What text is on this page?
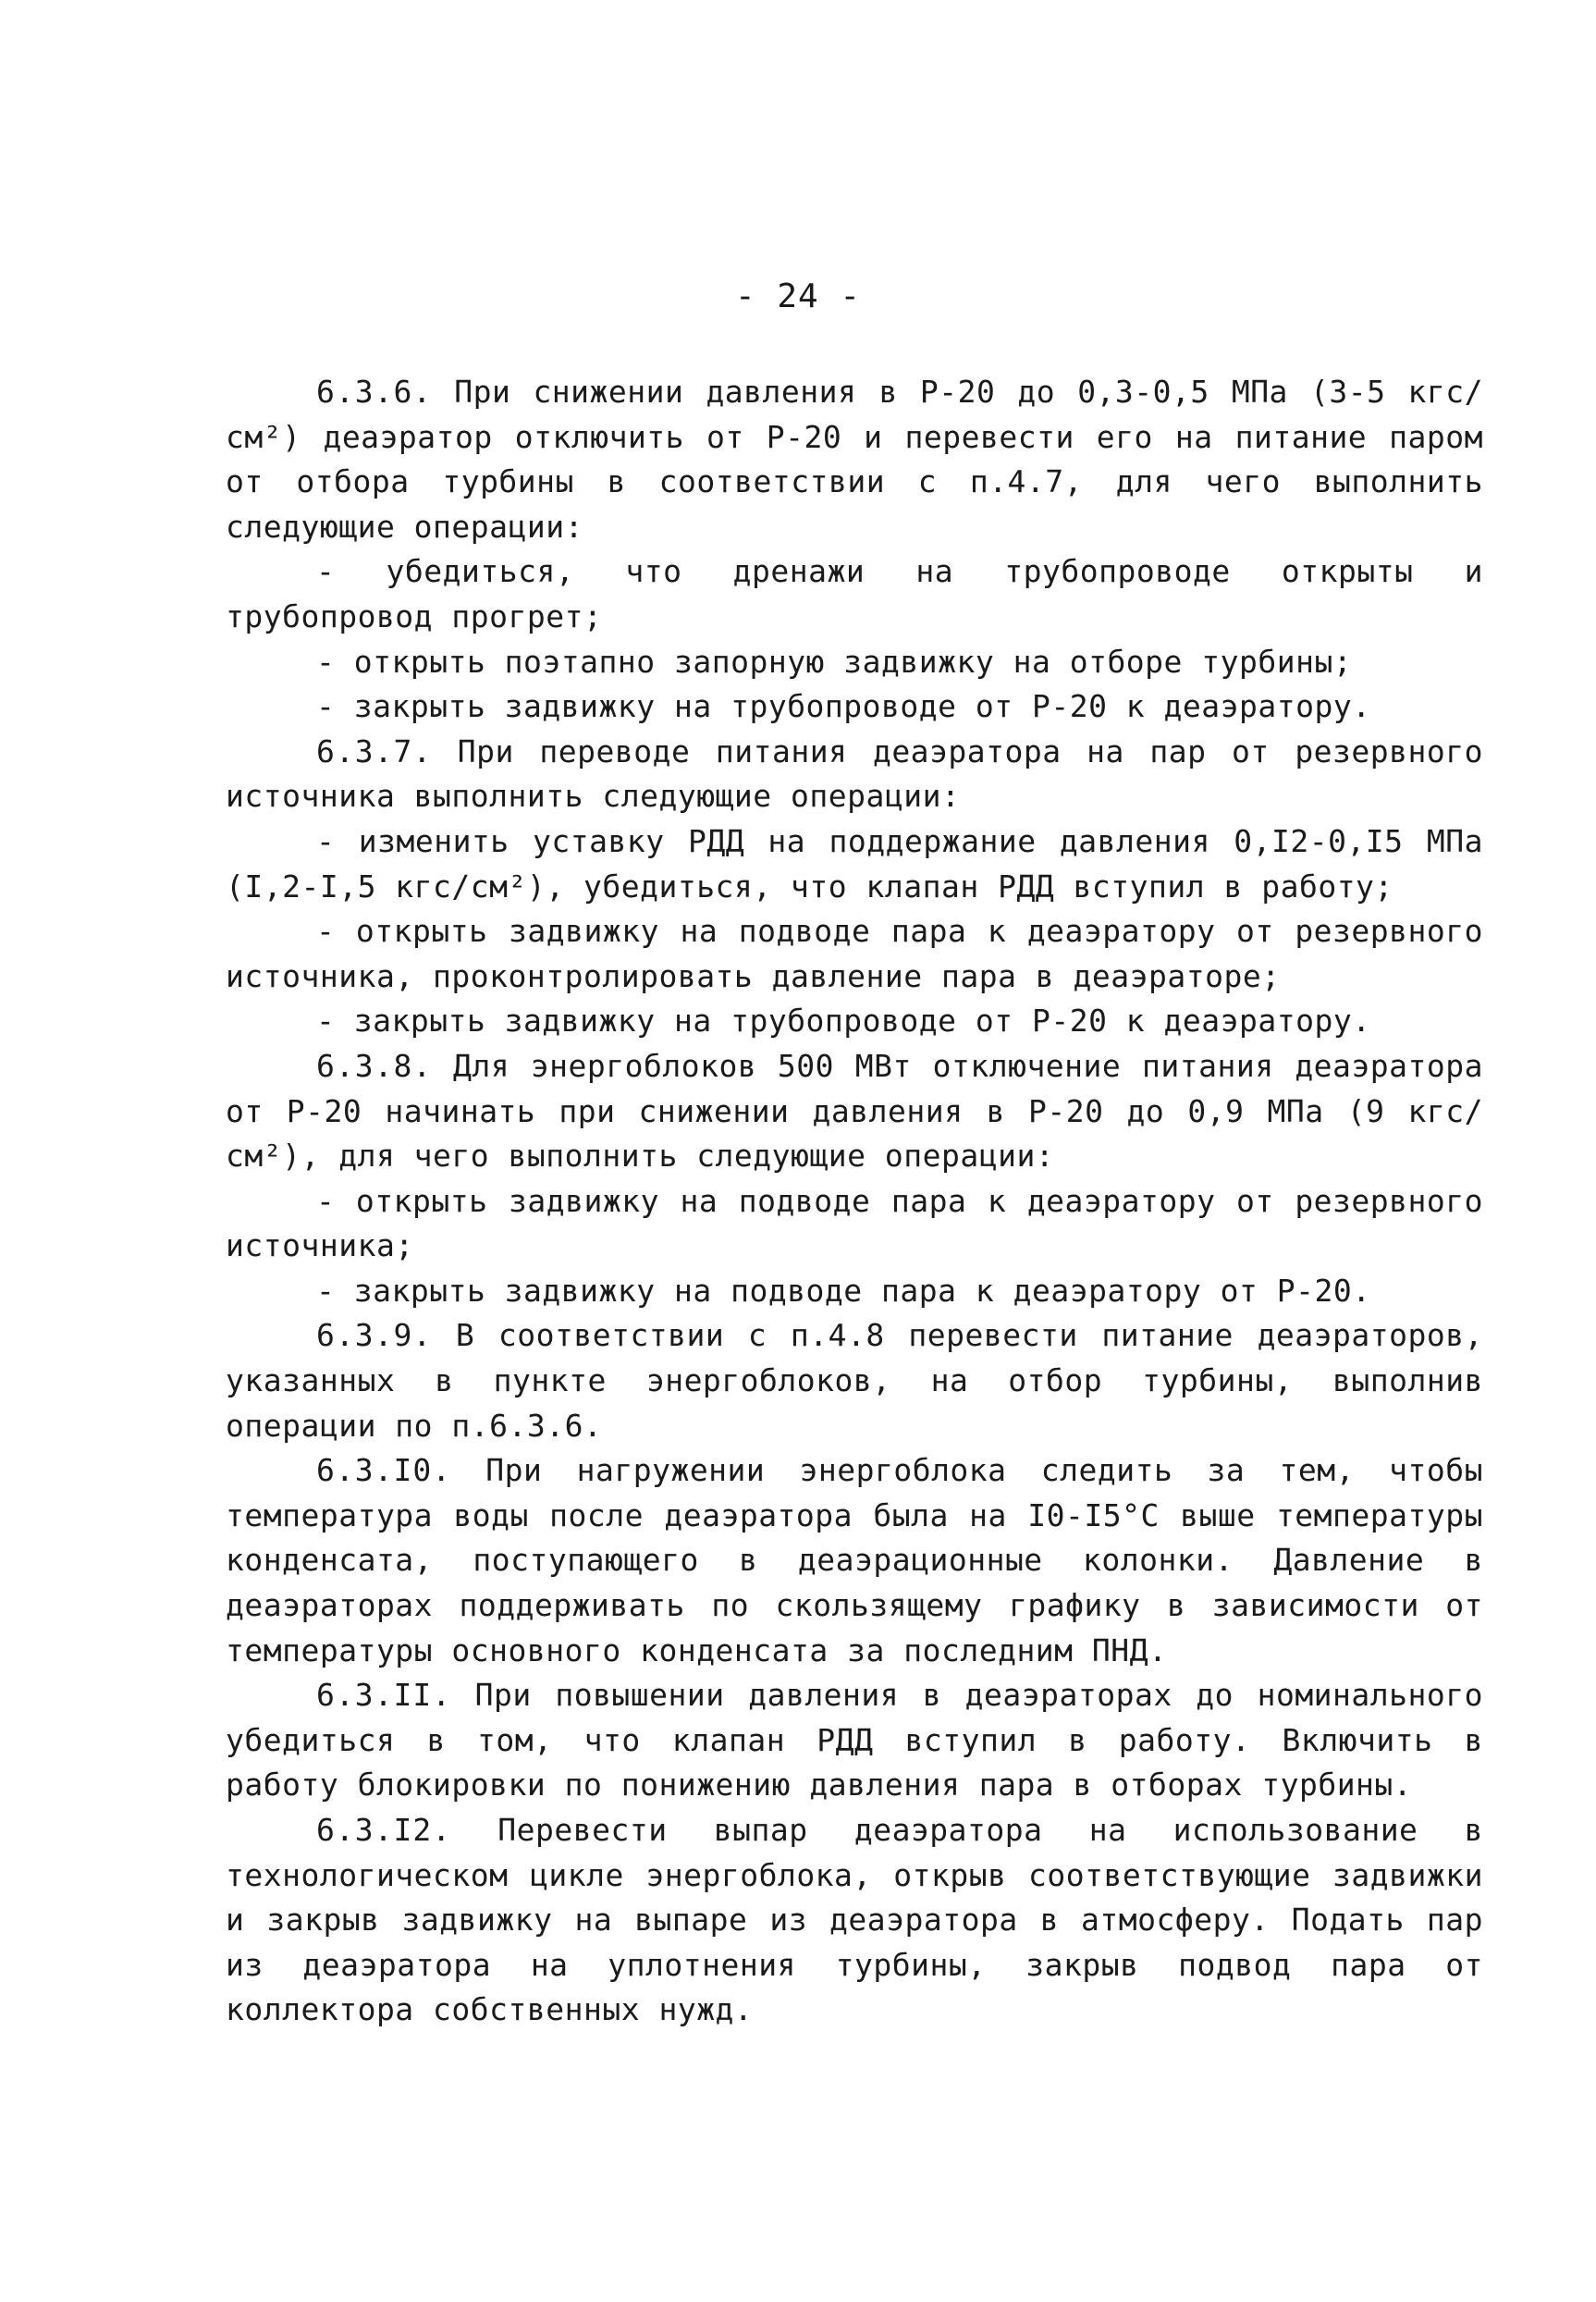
- 24 -

6.3.6. При снижении давления в Р-20 до 0,3-0,5 МПа (3-5 кгс/см²) деаэратор отключить от Р-20 и перевести его на питание паром от отбора турбины в соответствии с п.4.7, для чего выполнить следующие операции:

- убедиться, что дренажи на трубопроводе открыты и трубопровод прогрет;

- открыть поэтапно запорную задвижку на отборе турбины;

- закрыть задвижку на трубопроводе от Р-20 к деаэратору.

6.3.7. При переводе питания деаэратора на пар от резервного источника выполнить следующие операции:

- изменить уставку РДД на поддержание давления 0,I2-0,I5 МПа (I,2-I,5 кгс/см²), убедиться, что клапан РДД вступил в работу;

- открыть задвижку на подводе пара к деаэратору от резервного источника, проконтролировать давление пара в деаэраторе;

- закрыть задвижку на трубопроводе от Р-20 к деаэратору.

6.3.8. Для энергоблоков 500 МВт отключение питания деаэратора от Р-20 начинать при снижении давления в Р-20 до 0,9 МПа (9 кгс/см²), для чего выполнить следующие операции:

- открыть задвижку на подводе пара к деаэратору от резервного источника;

- закрыть задвижку на подводе пара к деаэратору от Р-20.

6.3.9. В соответствии с п.4.8 перевести питание деаэраторов, указанных в пункте энергоблоков, на отбор турбины, выполнив операции по п.6.3.6.

6.3.I0. При нагружении энергоблока следить за тем, чтобы температура воды после деаэратора была на I0-I5°С выше температуры конденсата, поступающего в деаэрационные колонки. Давление в деаэраторах поддерживать по скользящему графику в зависимости от температуры основного конденсата за последним ПНД.

6.3.II. При повышении давления в деаэраторах до номинального убедиться в том, что клапан РДД вступил в работу. Включить в работу блокировки по понижению давления пара в отборах турбины.

6.3.I2. Перевести выпар деаэратора на использование в технологическом цикле энергоблока, открыв соответствующие задвижки и закрыв задвижку на выпаре из деаэратора в атмосферу. Подать пар из деаэратора на уплотнения турбины, закрыв подвод пара от коллектора собственных нужд.
